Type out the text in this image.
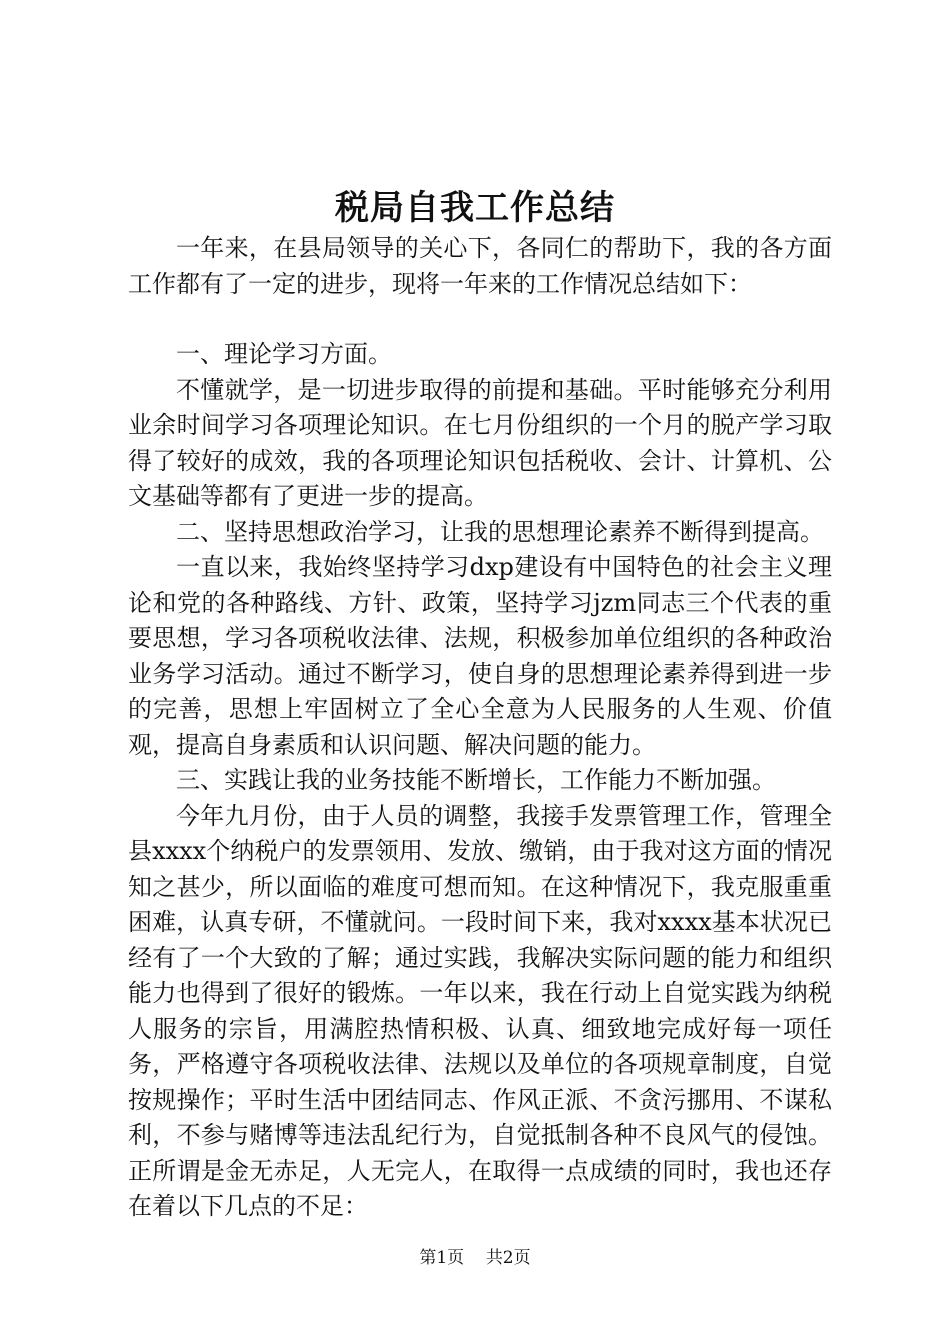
税局自我工作总结

一年来，在县局领导的关心下，各同仁的帮助下，我的各方面工作都有了一定的进步，现将一年来的工作情况总结如下：

一、理论学习方面。

不懂就学，是一切进步取得的前提和基础。平时能够充分利用业余时间学习各项理论知识。在七月份组织的一个月的脱产学习取得了较好的成效，我的各项理论知识包括税收、会计、计算机、公文基础等都有了更进一步的提高。

二、坚持思想政治学习，让我的思想理论素养不断得到提高。

一直以来，我始终坚持学习dxp建设有中国特色的社会主义理论和党的各种路线、方针、政策，坚持学习jzm同志三个代表的重要思想，学习各项税收法律、法规，积极参加单位组织的各种政治业务学习活动。通过不断学习，使自身的思想理论素养得到进一步的完善，思想上牢固树立了全心全意为人民服务的人生观、价值观，提高自身素质和认识问题、解决问题的能力。

三、实践让我的业务技能不断增长，工作能力不断加强。

今年九月份，由于人员的调整，我接手发票管理工作，管理全县xxxx个纳税户的发票领用、发放、缴销，由于我对这方面的情况知之甚少，所以面临的难度可想而知。在这种情况下，我克服重重困难，认真专研，不懂就问。一段时间下来，我对xxxx基本状况已经有了一个大致的了解；通过实践，我解决实际问题的能力和组织能力也得到了很好的锻炼。一年以来，我在行动上自觉实践为纳税人服务的宗旨，用满腔热情积极、认真、细致地完成好每一项任务，严格遵守各项税收法律、法规以及单位的各项规章制度，自觉按规操作；平时生活中团结同志、作风正派、不贪污挪用、不谋私利，不参与赌博等违法乱纪行为，自觉抵制各种不良风气的侵蚀。正所谓是金无赤足，人无完人，在取得一点成绩的同时，我也还存在着以下几点的不足：

第1页 共2页
